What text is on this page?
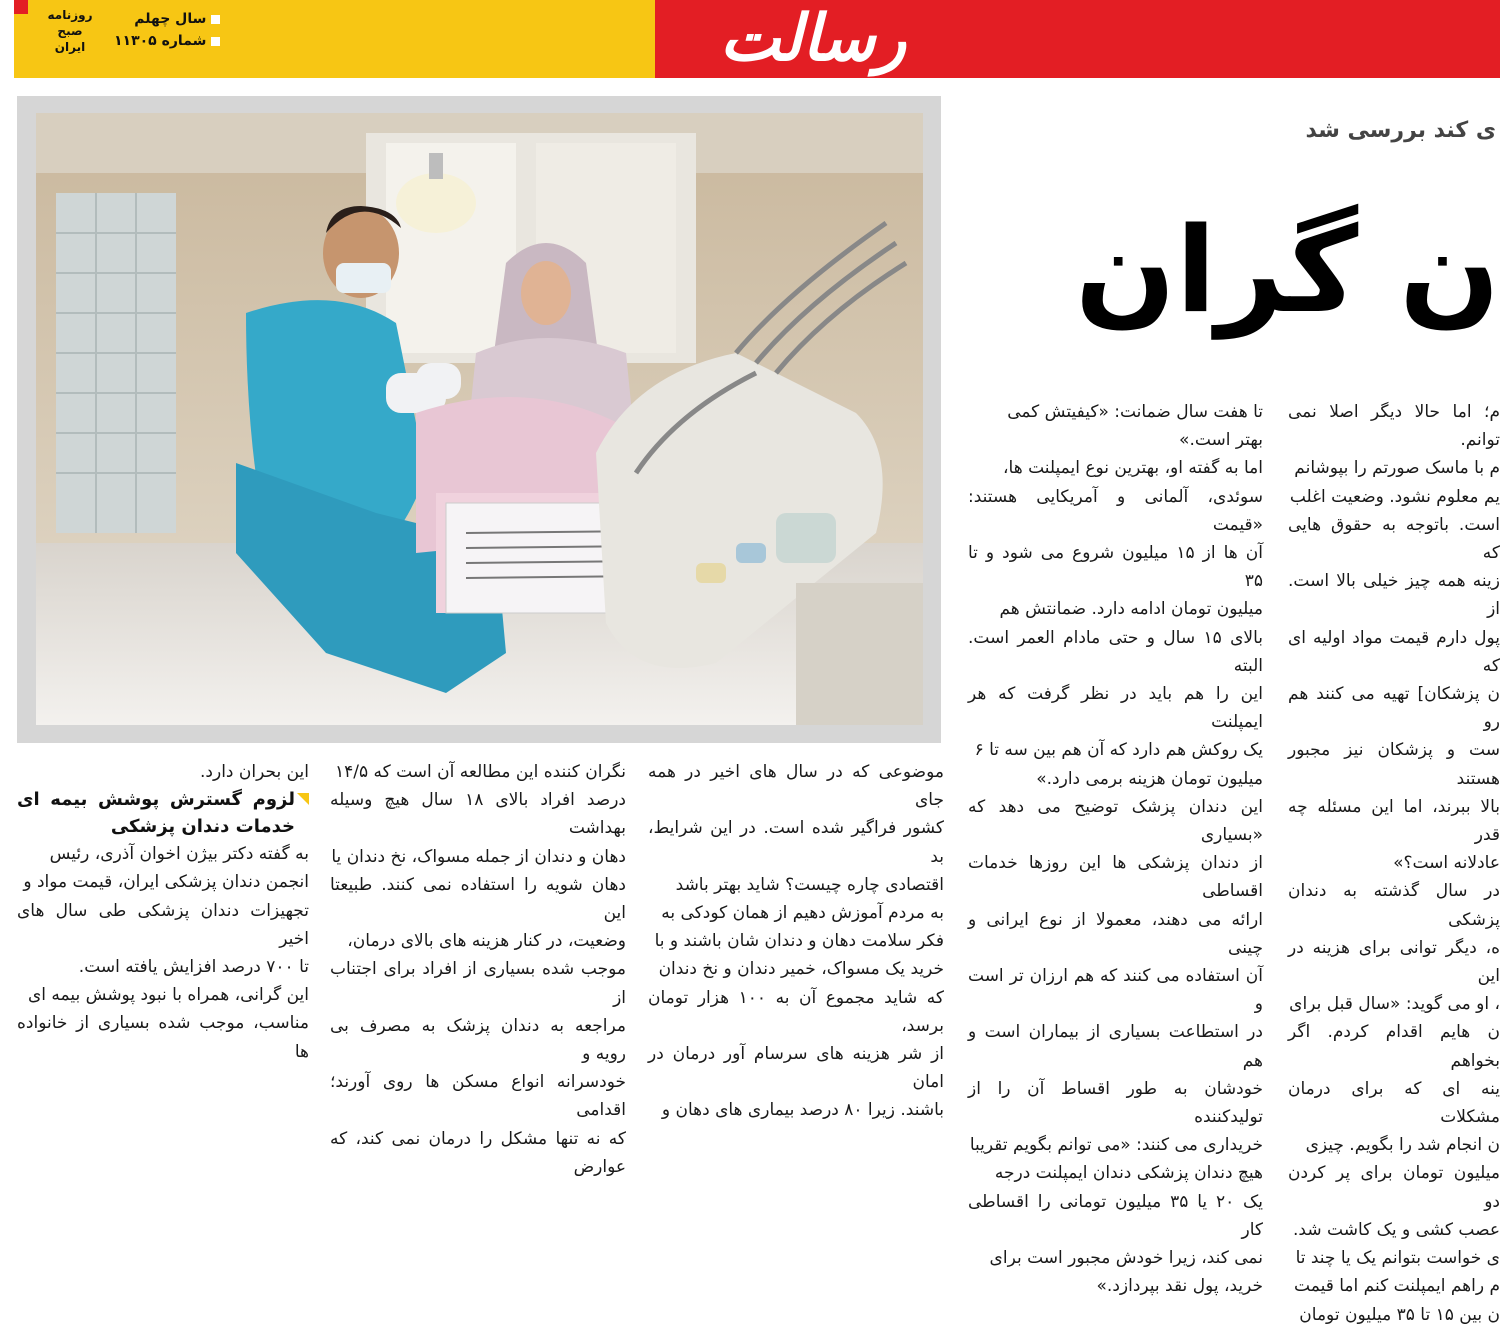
رسالت
روزنامه
صبح
ایران
سال چهلم
شماره ۱۱۳۰۵
ی کند بررسی شد
ن گران

م؛ اما حالا دیگر اصلا نمی توانم.

م با ماسک صورتم را بپوشانم

یم معلوم نشود. وضعیت اغلب

است. باتوجه به حقوق هایی که

زینه همه چیز خیلی بالا است. از

پول دارم قیمت مواد اولیه ای که

ن پزشکان] تهیه می کنند هم رو

ست و پزشکان نیز مجبور هستند

بالا ببرند، اما این مسئله چه قدر

عادلانه است؟»

در سال گذشته به دندان پزشکی

ه، دیگر توانی برای هزینه در این

، او می گوید: «سال قبل برای

ن هایم اقدام کردم. اگر بخواهم

ینه ای که برای درمان مشکلات

ن انجام شد را بگویم. چیزی

میلیون تومان برای پر کردن دو

عصب کشی و یک کاشت شد.

ی خواست بتوانم یک یا چند تا

م راهم ایمپلنت کنم اما قیمت

ن بین ۱۵ تا ۳۵ میلیون تومان

تا هفت سال ضمانت: «کیفیتش کمی

بهتر است.»

اما به گفته او، بهترین نوع ایمپلنت ها،

سوئدی، آلمانی و آمریکایی هستند: «قیمت

آن ها از ۱۵ میلیون شروع می شود و تا ۳۵

میلیون تومان ادامه دارد. ضمانتش هم

بالای ۱۵ سال و حتی مادام العمر است. البته

این را هم باید در نظر گرفت که هر ایمپلنت

یک روکش هم دارد که آن هم بین سه تا ۶

میلیون تومان هزینه برمی دارد.»

این دندان پزشک توضیح می دهد که «بسیاری

از دندان پزشکی ها این روزها خدمات اقساطی

ارائه می دهند، معمولا از نوع ایرانی و چینی

آن استفاده می کنند که هم ارزان تر است و

در استطاعت بسیاری از بیماران است و هم

خودشان به طور اقساط آن را از تولیدکننده

خریداری می کنند: «می توانم بگویم تقریبا

هیچ دندان پزشکی دندان ایمپلنت درجه

یک ۲۰ یا ۳۵ میلیون تومانی را اقساطی کار

نمی کند، زیرا خودش مجبور است برای

خرید، پول نقد بپردازد.»

موضوعی که در سال های اخیر در همه جای

کشور فراگیر شده است. در این شرایط، بد

اقتصادی چاره چیست؟ شاید بهتر باشد

به مردم آموزش دهیم از همان کودکی به

فکر سلامت دهان و دندان شان باشند و با

خرید یک مسواک، خمیر دندان و نخ دندان

که شاید مجموع آن به ۱۰۰ هزار تومان برسد،

از شر هزینه های سرسام آور درمان در امان

باشند. زیرا ۸۰ درصد بیماری های دهان و

نگران کننده این مطالعه آن است که ۱۴/۵

درصد افراد بالای ۱۸ سال هیچ وسیله بهداشت

دهان و دندان از جمله مسواک، نخ دندان یا

دهان شویه را استفاده نمی کنند. طبیعتا این

وضعیت، در کنار هزینه های بالای درمان،

موجب شده بسیاری از افراد برای اجتناب از

مراجعه به دندان پزشک به مصرف بی رویه و

خودسرانه انواع مسکن ها روی آورند؛ اقدامی

که نه تنها مشکل را درمان نمی کند، که عوارض

این بحران دارد.

لزوم گسترش پوشش بیمه ای خدمات دندان پزشکی

به گفته دکتر بیژن اخوان آذری، رئیس

انجمن دندان پزشکی ایران، قیمت مواد و

تجهیزات دندان پزشکی طی سال های اخیر

تا ۷۰۰ درصد افزایش یافته است.

این گرانی، همراه با نبود پوشش بیمه ای

مناسب، موجب شده بسیاری از خانواده ها
